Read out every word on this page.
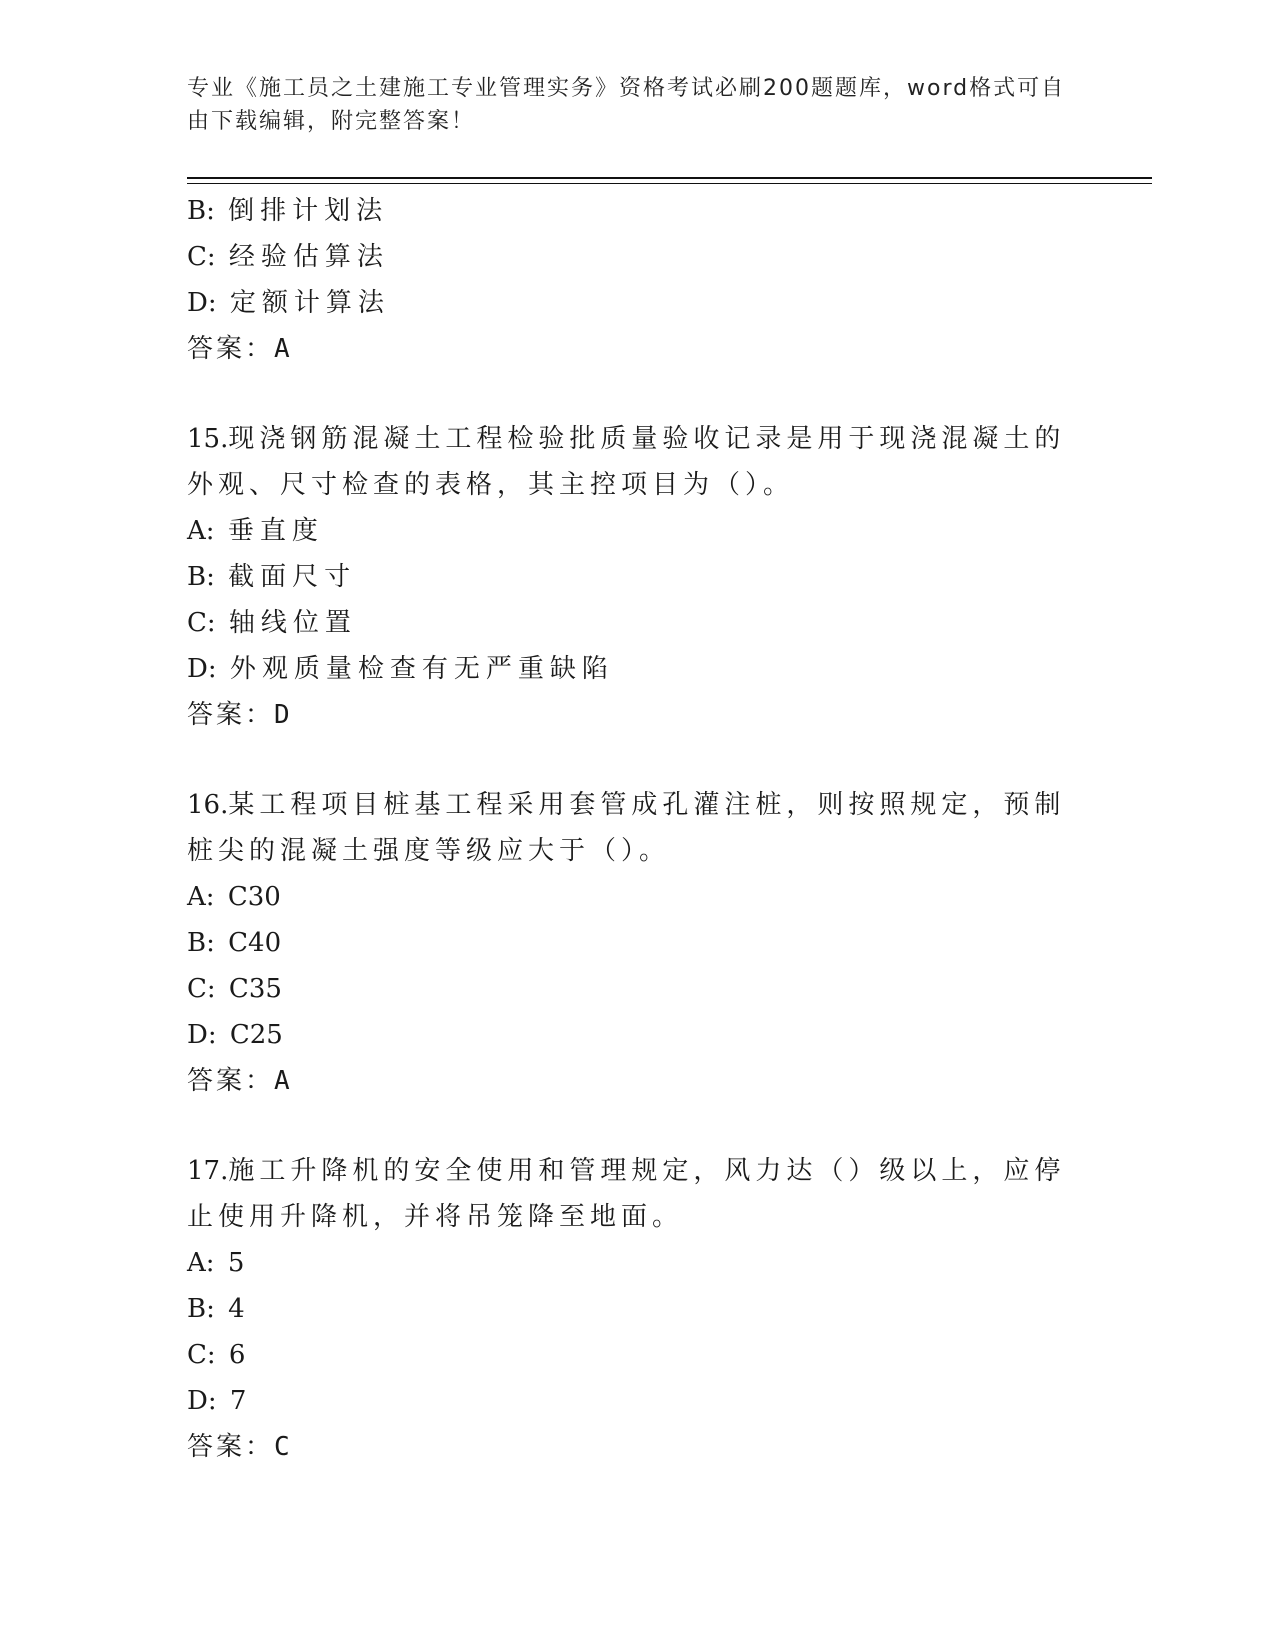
专业《施工员之土建施工专业管理实务》资格考试必刷200题题库，word格式可自由下载编辑，附完整答案！
B: 倒排计划法
C: 经验估算法
D: 定额计算法
答案：A
15.现浇钢筋混凝土工程检验批质量验收记录是用于现浇混凝土的外观、尺寸检查的表格，其主控项目为（）。
A: 垂直度
B: 截面尺寸
C: 轴线位置
D: 外观质量检查有无严重缺陷
答案：D
16.某工程项目桩基工程采用套管成孔灌注桩，则按照规定，预制桩尖的混凝土强度等级应大于（）。
A: C30
B: C40
C: C35
D: C25
答案：A
17.施工升降机的安全使用和管理规定，风力达（）级以上，应停止使用升降机，并将吊笼降至地面。
A: 5
B: 4
C: 6
D: 7
答案：C
